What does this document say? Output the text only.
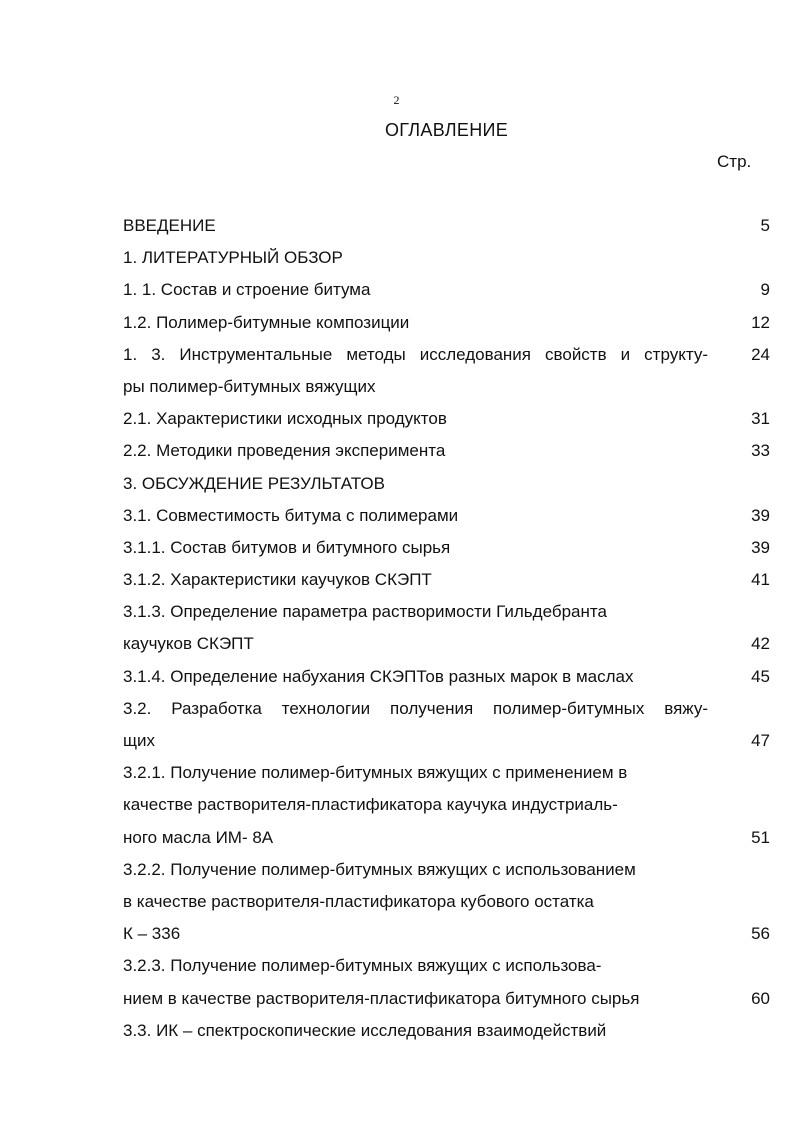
2
ОГЛАВЛЕНИЕ
Стр.
ВВЕДЕНИЕ	5
1. ЛИТЕРАТУРНЫЙ ОБЗОР
1. 1. Состав и строение битума	9
1.2. Полимер-битумные композиции	12
1. 3. Инструментальные методы исследования свойств и структу-	24
ры полимер-битумных вяжущих
2.1. Характеристики исходных продуктов	31
2.2. Методики проведения эксперимента	33
3. ОБСУЖДЕНИЕ РЕЗУЛЬТАТОВ
3.1. Совместимость битума с полимерами	39
3.1.1. Состав битумов и битумного сырья	39
3.1.2. Характеристики каучуков СКЭПТ	41
3.1.3. Определение параметра растворимости Гильдебранта
каучуков СКЭПТ	42
3.1.4. Определение набухания СКЭПТов разных марок в маслах	45
3.2. Разработка технологии получения полимер-битумных вяжу-
щих	47
3.2.1. Получение полимер-битумных вяжущих с применением в
качестве растворителя-пластификатора каучука индустриаль-
ного масла ИМ- 8А	51
3.2.2. Получение полимер-битумных вяжущих с использованием
в качестве растворителя-пластификатора кубового остатка
К – 336	56
3.2.3. Получение полимер-битумных вяжущих с использова-
нием в качестве растворителя-пластификатора битумного сырья	60
3.3. ИК – спектроскопические исследования взаимодействий
